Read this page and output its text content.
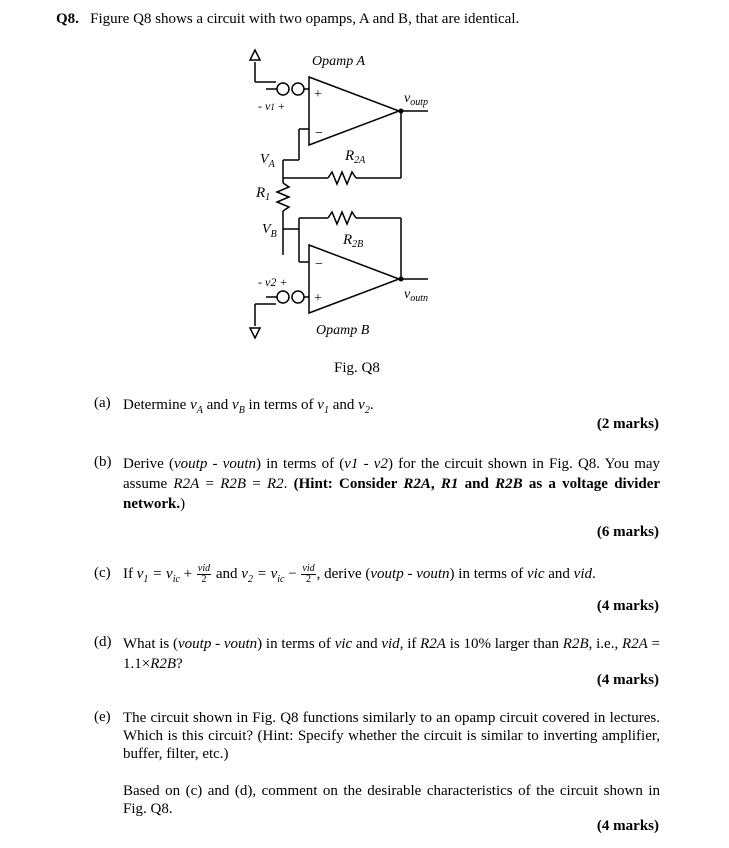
Q8. Figure Q8 shows a circuit with two opamps, A and B, that are identical.
Opamp A
Opamp B
+
−
−
+
- v1 +
- v2 +
$V_A$
$V_B$
$R_1$
$R_{2A}$
$R_{2B}$
$v_{outp}$
$v_{outn}$
Fig. Q8
(a) Determine $v_A$ and $v_B$ in terms of $v_1$ and $v_2$.
(2 marks)
(b) Derive (voutp - voutn) in terms of (v1 - v2) for the circuit shown in Fig. Q8. You may assume R2A = R2B = R2. (Hint: Consider R2A, R1 and R2B as a voltage divider network.)
(6 marks)
(c) If $v_1 = v_{ic} + \frac{\text{vid}}{2}$ and $v_2 = v_{ic} - \frac{\text{vid}}{2}$ , derive (voutp - voutn) in terms of vic and vid.
(4 marks)
(d) What is (voutp - voutn) in terms of vic and vid, if R2A is 10% larger than R2B, i.e., R2A = 1.1×R2B?
(4 marks)
(e) The circuit shown in Fig. Q8 functions similarly to an opamp circuit covered in lectures. Which is this circuit? (Hint: Specify whether the circuit is similar to inverting amplifier, buffer, filter, etc.)
Based on (c) and (d), comment on the desirable characteristics of the circuit shown in Fig. Q8.
(4 marks)
